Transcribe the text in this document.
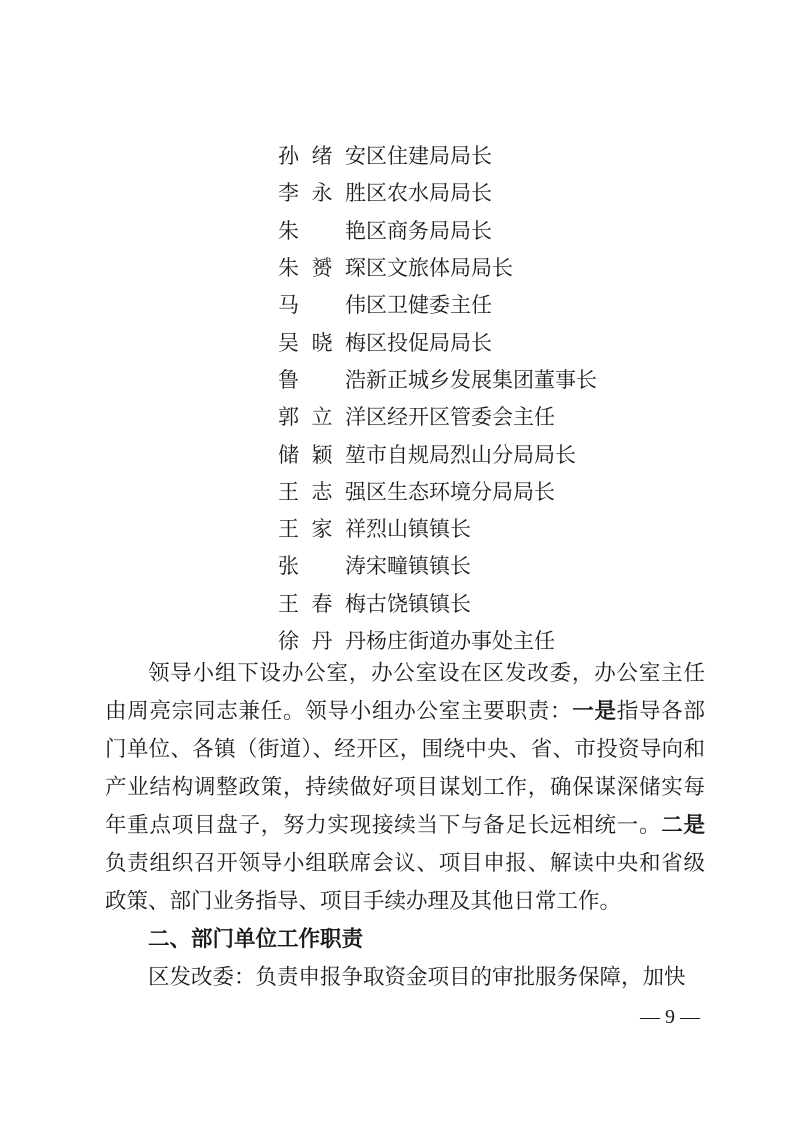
孙绪安 区住建局局长
李永胜 区农水局局长
朱艳 区商务局局长
朱赟琛 区文旅体局局长
马伟 区卫健委主任
吴晓梅 区投促局局长
鲁浩 新正城乡发展集团董事长
郭立洋 区经开区管委会主任
储颖堃 市自规局烈山分局局长
王志强 区生态环境分局局长
王家祥 烈山镇镇长
张涛 宋疃镇镇长
王春梅 古饶镇镇长
徐丹丹 杨庄街道办事处主任

领导小组下设办公室，办公室设在区发改委，办公室主任由周亮宗同志兼任。领导小组办公室主要职责：一是指导各部门单位、各镇（街道）、经开区，围绕中央、省、市投资导向和产业结构调整政策，持续做好项目谋划工作，确保谋深储实每年重点项目盘子，努力实现接续当下与备足长远相统一。二是负责组织召开领导小组联席会议、项目申报、解读中央和省级政策、部门业务指导、项目手续办理及其他日常工作。

二、部门单位工作职责

区发改委：负责申报争取资金项目的审批服务保障，加快

— 9 —
